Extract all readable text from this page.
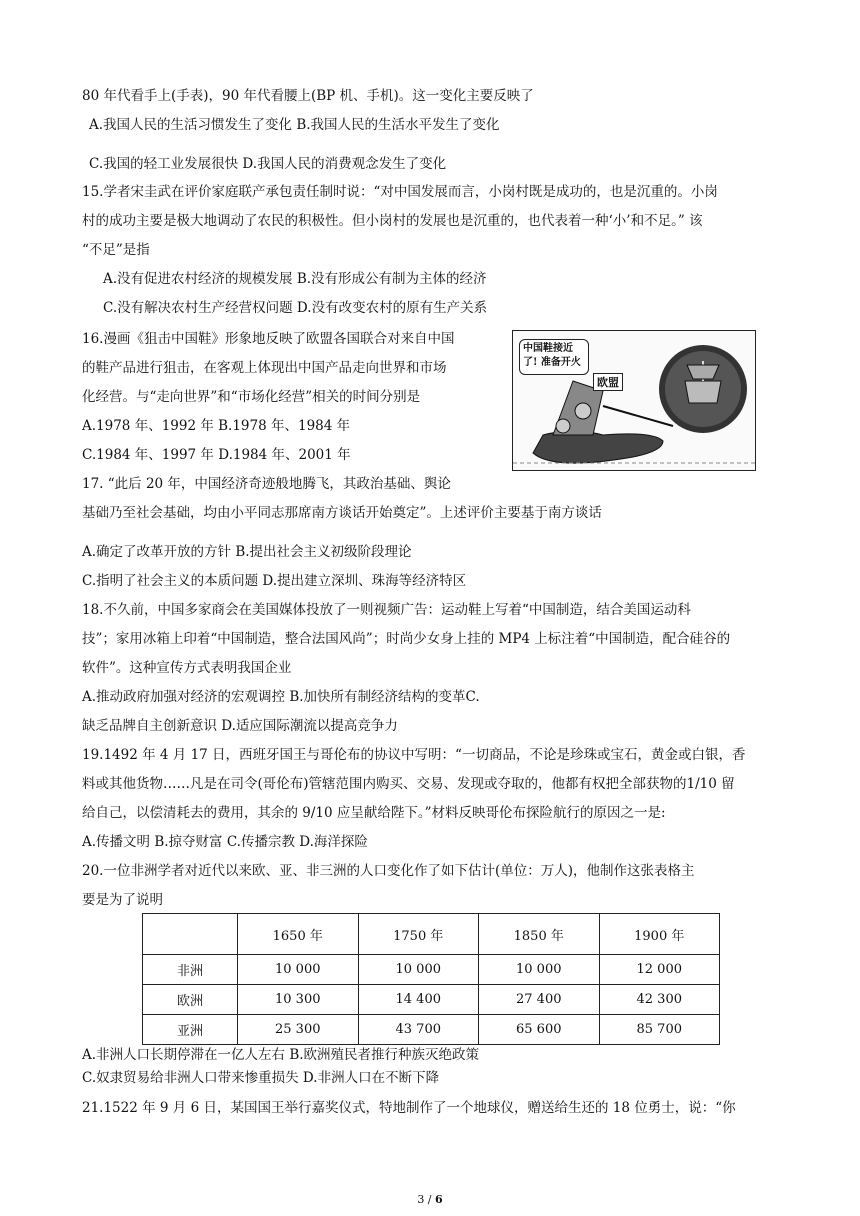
80 年代看手上(手表)，90 年代看腰上(BP 机、手机)。这一变化主要反映了
A.我国人民的生活习惯发生了变化 B.我国人民的生活水平发生了变化
C.我国的轻工业发展很快 D.我国人民的消费观念发生了变化
15.学者宋圭武在评价家庭联产承包责任制时说：“对中国发展而言，小岗村既是成功的，也是沉重的。小岗
村的成功主要是极大地调动了农民的积极性。但小岗村的发展也是沉重的，也代表着一种‘小’和不足。” 该
“不足”是指
A.没有促进农村经济的规模发展 B.没有形成公有制为主体的经济
C.没有解决农村生产经营权问题 D.没有改变农村的原有生产关系
16.漫画《狙击中国鞋》形象地反映了欧盟各国联合对来自中国
的鞋产品进行狙击，在客观上体现出中国产品走向世界和市场
化经营。与“走向世界”和“市场化经营”相关的时间分别是
A.1978 年、1992 年 B.1978 年、1984 年
C.1984 年、1997 年 D.1984 年、2001 年
17. “此后 20 年，中国经济奇迹般地腾飞，其政治基础、舆论
基础乃至社会基础，均由小平同志那席南方谈话开始奠定”。上述评价主要基于南方谈话
A.确定了改革开放的方针 B.提出社会主义初级阶段理论
C.指明了社会主义的本质问题 D.提出建立深圳、珠海等经济特区
18.不久前，中国多家商会在美国媒体投放了一则视频广告：运动鞋上写着“中国制造，结合美国运动科
技”；家用冰箱上印着“中国制造，整合法国风尚”；时尚少女身上挂的 MP4 上标注着“中国制造，配合硅谷的
软件”。这种宣传方式表明我国企业
A.推动政府加强对经济的宏观调控 B.加快所有制经济结构的变革C.
缺乏品牌自主创新意识 D.适应国际潮流以提高竞争力
19.1492 年 4 月 17 日，西班牙国王与哥伦布的协议中写明：“一切商品，不论是珍珠或宝石，黄金或白银，香
料或其他货物……凡是在司令(哥伦布)管辖范围内购买、交易、发现或夺取的，他都有权把全部获物的1/10 留
给自己，以偿清耗去的费用，其余的 9/10 应呈献给陛下。”材料反映哥伦布探险航行的原因之一是:
A.传播文明 B.掠夺财富 C.传播宗教 D.海洋探险
20.一位非洲学者对近代以来欧、亚、非三洲的人口变化作了如下估计(单位：万人)，他制作这张表格主
要是为了说明
A.非洲人口长期停滞在一亿人左右 B.欧洲殖民者推行种族灭绝政策
C.奴隶贸易给非洲人口带来惨重损失 D.非洲人口在不断下降
21.1522 年 9 月 6 日，某国国王举行嘉奖仪式，特地制作了一个地球仪，赠送给生还的 18 位勇士，说：“你
中国鞋接近
了! 准备开火
欧盟
	1650 年	1750 年	1850 年	1900 年
非洲	10 000	10 000	10 000	12 000
欧洲	10 300	14 400	27 400	42 300
亚洲	25 300	43 700	65 600	85 700
3 / 6
